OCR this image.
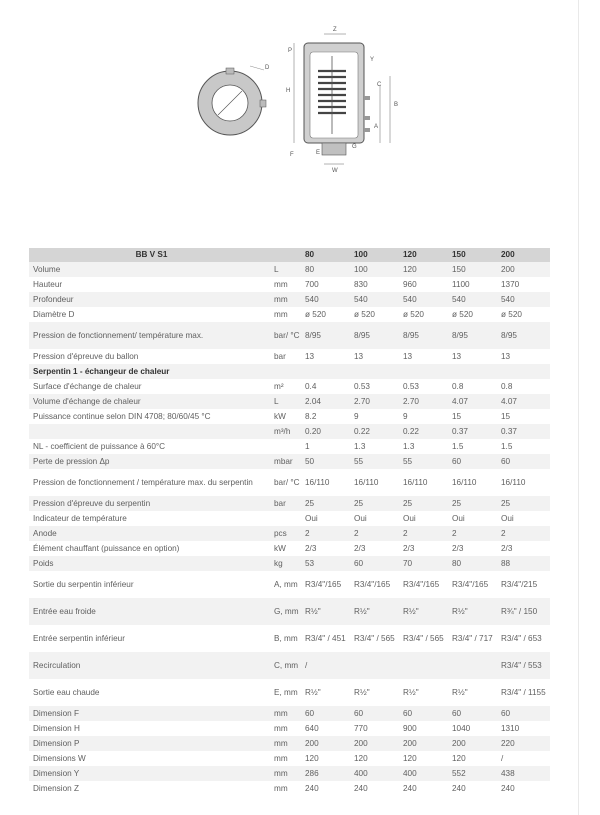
D
Z
P
Y
H
A
B
C
E
G
W
F
BB V S1		80	100	120	150	200
Volume	L	80	100	120	150	200
Hauteur	mm	700	830	960	1100	1370
Profondeur	mm	540	540	540	540	540
Diamètre D	mm	ø 520	ø 520	ø 520	ø 520	ø 520
Pression de fonctionnement/ température max.	bar/ °C	8/95	8/95	8/95	8/95	8/95
Pression d'épreuve du ballon	bar	13	13	13	13	13
Serpentin 1 - échangeur de chaleur						
Surface d'échange de chaleur	m²	0.4	0.53	0.53	0.8	0.8
Volume d'échange de chaleur	L	2.04	2.70	2.70	4.07	4.07
Puissance continue selon DIN 4708; 80/60/45 °C	kW	8.2	9	9	15	15
	m³/h	0.20	0.22	0.22	0.37	0.37
NL - coefficient de puissance à 60°C		1	1.3	1.3	1.5	1.5
Perte de pression Δp	mbar	50	55	55	60	60
Pression de fonctionnement / température max. du serpentin	bar/ °C	16/110	16/110	16/110	16/110	16/110
Pression d'épreuve du serpentin	bar	25	25	25	25	25
Indicateur de température		Oui	Oui	Oui	Oui	Oui
Anode	pcs	2	2	2	2	2
Élément chauffant (puissance en option)	kW	2/3	2/3	2/3	2/3	2/3
Poids	kg	53	60	70	80	88
Sortie du serpentin inférieur	A, mm	R3/4"/165	R3/4"/165	R3/4"/165	R3/4"/165	R3/4"/215
Entrée eau froide	G, mm	R½"	R½"	R½"	R½"	R¾" / 150
Entrée serpentin inférieur	B, mm	R3/4" / 451	R3/4" / 565	R3/4" / 565	R3/4" / 717	R3/4" / 653
Recirculation	C, mm	/				R3/4" / 553
Sortie eau chaude	E, mm	R½"	R½"	R½"	R½"	R3/4" / 1155
Dimension F	mm	60	60	60	60	60
Dimension H	mm	640	770	900	1040	1310
Dimension P	mm	200	200	200	200	220
Dimensions W	mm	120	120	120	120	/
Dimension Y	mm	286	400	400	552	438
Dimension Z	mm	240	240	240	240	240
